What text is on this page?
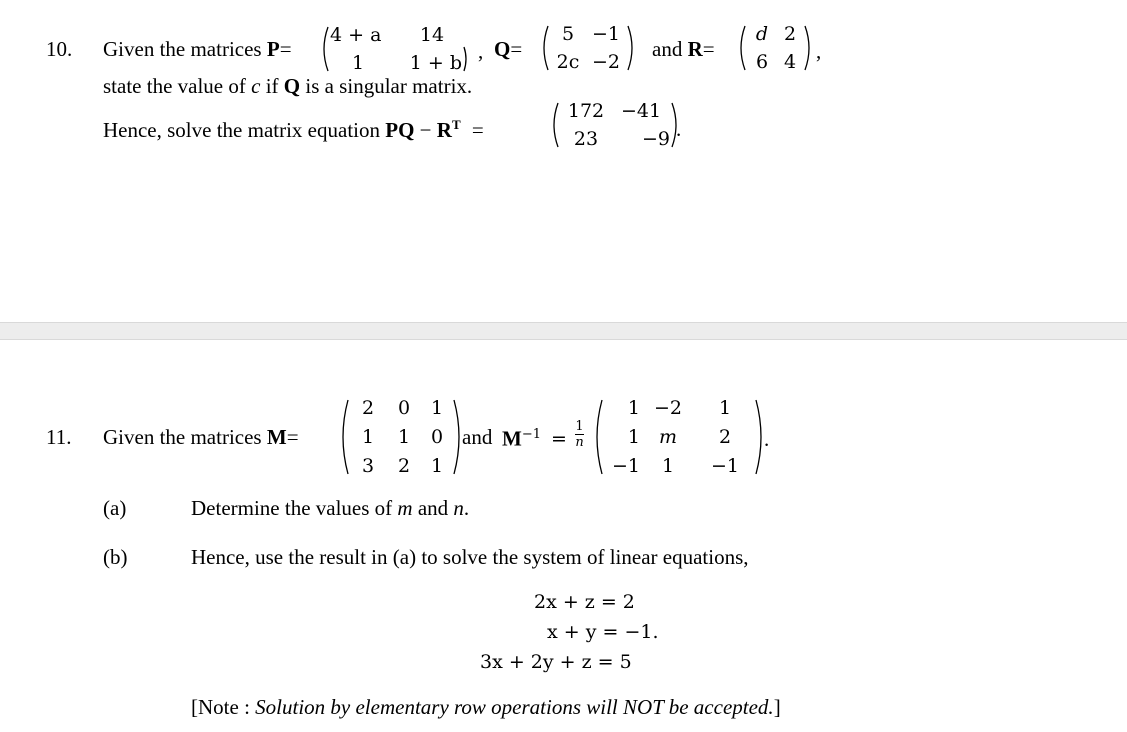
10. Given the matrices P=
4 + a	14
1	1 + b , Q=
5 −1
2c −2
and R=
d 2
6 4 ,
state the value of c if Q is a singular matrix.
Hence, solve the matrix equation PQ − $R^T$ =
172 −41
23	−9 .
11. Given the matrices M=
2	0	1
1	1	0
3	2	1
and $M^{-1}$ =
1
n
1 −2	1
1 m	2
−1	1	−1
.
(a)	Determine the values of m and n.
(b)	Hence, use the result in (a) to solve the system of linear equations,
2x + z = 2
x + y = −1.
3x + 2y + z = 5
[Note : Solution by elementary row operations will NOT be accepted.]
